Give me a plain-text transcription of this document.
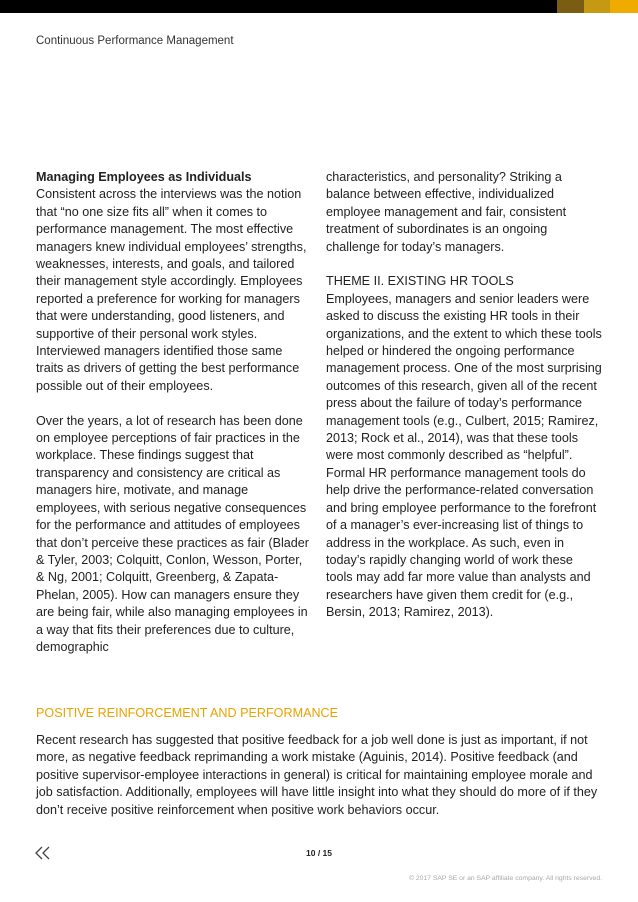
Continuous Performance Management

Managing Employees as Individuals

Consistent across the interviews was the notion that “no one size fits all” when it comes to performance management. The most effective managers knew individual employees’ strengths, weaknesses, interests, and goals, and tailored their management style accordingly. Employees reported a preference for working for managers that were understanding, good listeners, and supportive of their personal work styles. Interviewed managers identified those same traits as drivers of getting the best performance possible out of their employees.

Over the years, a lot of research has been done on employee perceptions of fair practices in the workplace. These findings suggest that transparency and consistency are critical as managers hire, motivate, and manage employees, with serious negative consequences for the performance and attitudes of employees that don’t perceive these practices as fair (Blader & Tyler, 2003; Colquitt, Conlon, Wesson, Porter, & Ng, 2001; Colquitt, Greenberg, & Zapata-Phelan, 2005). How can managers ensure they are being fair, while also managing employees in a way that fits their preferences due to culture, demographic

characteristics, and personality? Striking a balance between effective, individualized employee management and fair, consistent treatment of subordinates is an ongoing challenge for today’s managers.

THEME II. EXISTING HR TOOLS

Employees, managers and senior leaders were asked to discuss the existing HR tools in their organizations, and the extent to which these tools helped or hindered the ongoing performance management process. One of the most surprising outcomes of this research, given all of the recent press about the failure of today’s performance management tools (e.g., Culbert, 2015; Ramirez, 2013; Rock et al., 2014), was that these tools were most commonly described as “helpful”. Formal HR performance management tools do help drive the performance-related conversation and bring employee performance to the forefront of a manager’s ever-increasing list of things to address in the workplace. As such, even in today’s rapidly changing world of work these tools may add far more value than analysts and researchers have given them credit for (e.g., Bersin, 2013; Ramirez, 2013).

POSITIVE REINFORCEMENT AND PERFORMANCE

Recent research has suggested that positive feedback for a job well done is just as important, if not more, as negative feedback reprimanding a work mistake (Aguinis, 2014). Positive feedback (and positive supervisor-employee interactions in general) is critical for maintaining employee morale and job satisfaction. Additionally, employees will have little insight into what they should do more of if they don’t receive positive reinforcement when positive work behaviors occur.

10 / 15
© 2017 SAP SE or an SAP affiliate company. All rights reserved.
